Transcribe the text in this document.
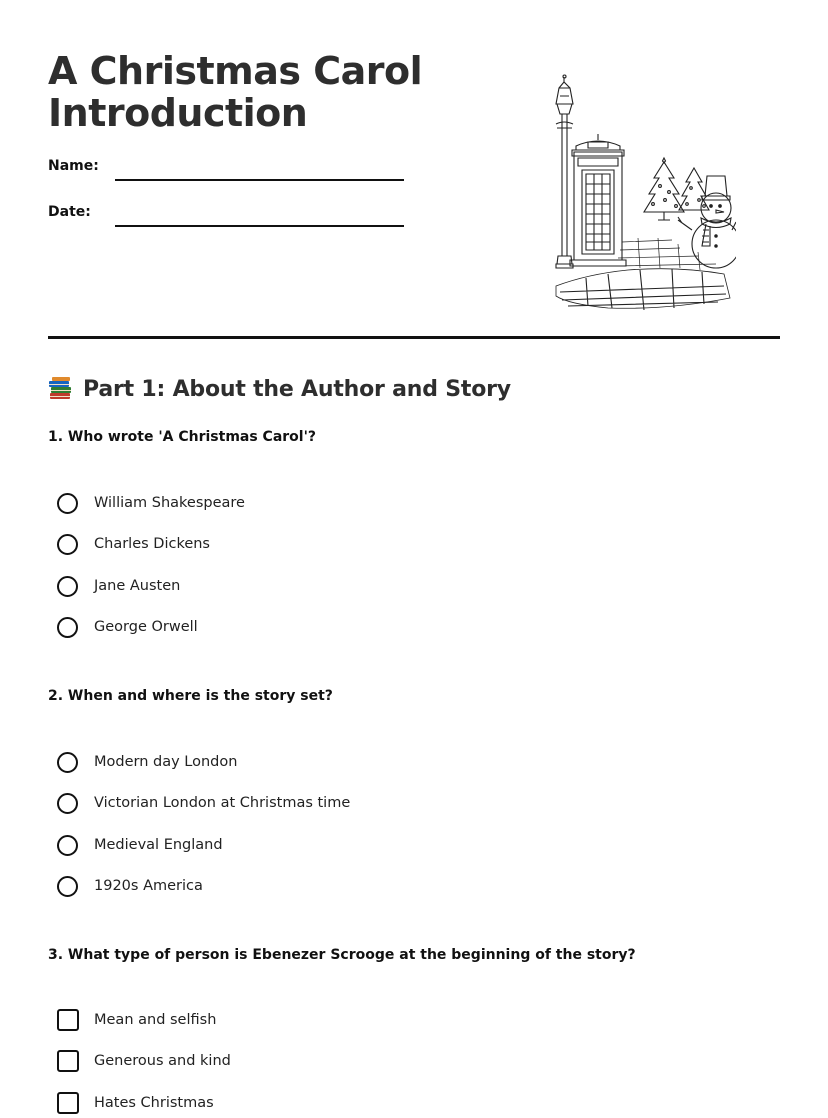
A Christmas Carol
Introduction
Name:
Date:
Part 1: About the Author and Story
1. Who wrote 'A Christmas Carol'?
William Shakespeare
Charles Dickens
Jane Austen
George Orwell
2. When and where is the story set?
Modern day London
Victorian London at Christmas time
Medieval England
1920s America
3. What type of person is Ebenezer Scrooge at the beginning of the story?
Mean and selfish
Generous and kind
Hates Christmas
